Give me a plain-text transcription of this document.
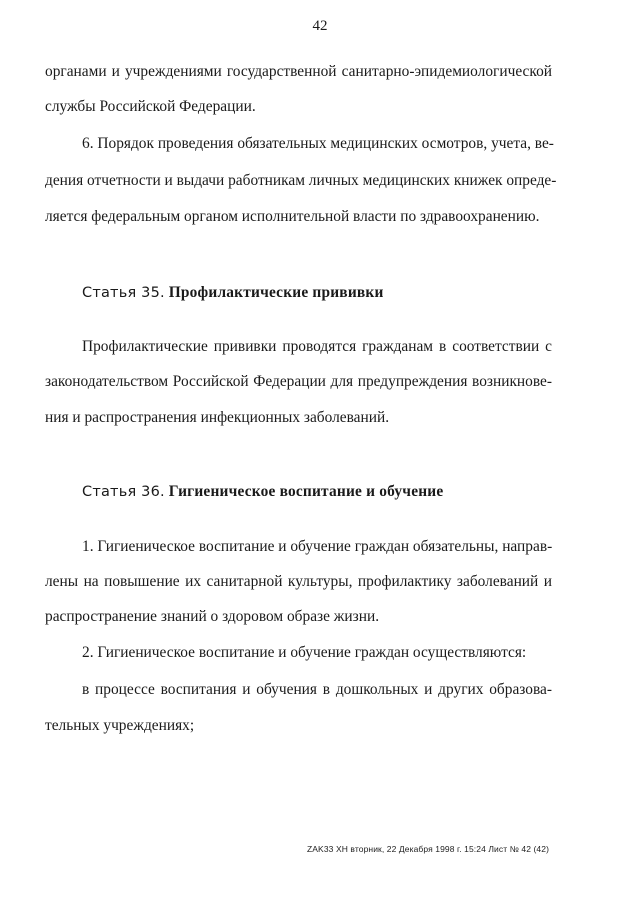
42
органами и учреждениями государственной санитарно-эпидемиологической
службы Российской Федерации.
6. Порядок проведения обязательных медицинских осмотров, учета, ве-
дения отчетности и выдачи работникам личных медицинских книжек опреде-
ляется федеральным органом исполнительной власти по здравоохранению.
Статья 35. Профилактические прививки
Профилактические прививки проводятся гражданам в соответствии с
законодательством Российской Федерации для предупреждения возникнове-
ния и распространения инфекционных заболеваний.
Статья 36. Гигиеническое воспитание и обучение
1. Гигиеническое воспитание и обучение граждан обязательны, направ-
лены на повышение их санитарной культуры, профилактику заболеваний и
распространение знаний о здоровом образе жизни.
2. Гигиеническое воспитание и обучение граждан осуществляются:
в процессе воспитания и обучения в дошкольных и других образова-
тельных учреждениях;
ZAK33 XH вторник, 22 Декабря 1998 г. 15:24 Лист № 42 (42)
